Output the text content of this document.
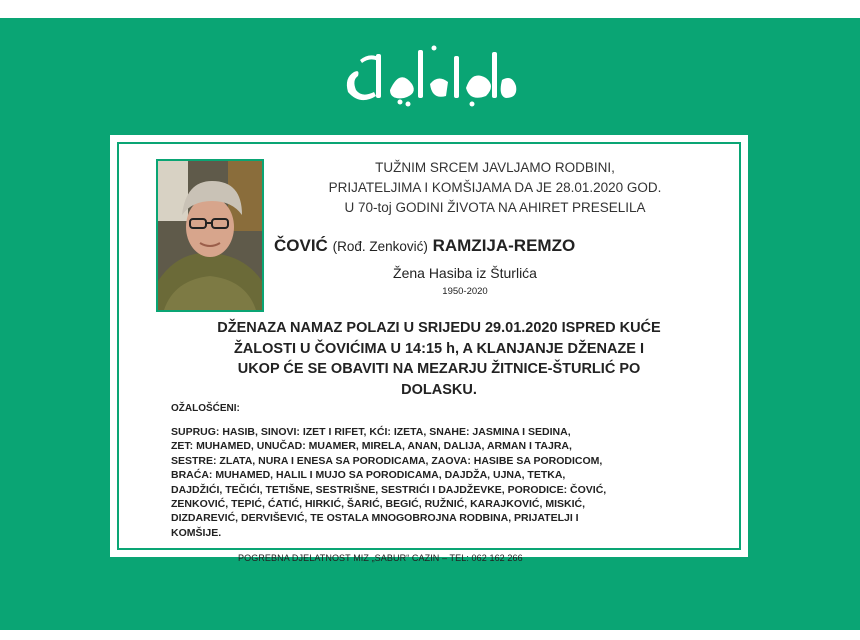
TUŽNIM SRCEM JAVLJAMO RODBINI,
PRIJATELJIMA I KOMŠIJAMA DA JE 28.01.2020 GOD.
U 70-toj GODINI ŽIVOTA NA AHIRET PRESELILA
ČOVIĆ (Rođ. Zenković) RAMZIJA-REMZO
Žena Hasiba iz Šturlića
1950-2020
DŽENAZA NAMAZ POLAZI U SRIJEDU 29.01.2020 ISPRED KUĆE
ŽALOSTI U ČOVIĆIMA U 14:15 h, A KLANJANJE DŽENAZE I
UKOP ĆE SE OBAVITI NA MEZARJU ŽITNICE-ŠTURLIĆ PO
DOLASKU.
OŽALOŠĆENI:
SUPRUG: HASIB, SINOVI: IZET I RIFET, KĆI: IZETA, SNAHE: JASMINA I SEDINA,
ZET: MUHAMED, UNUČAD: MUAMER, MIRELA, ANAN, DALIJA, ARMAN I TAJRA,
SESTRE: ZLATA, NURA I ENESA SA PORODICAMA, ZAOVA: HASIBE SA PORODICOM,
BRAĆA: MUHAMED, HALIL I MUJO SA PORODICAMA, DAJDŽA, UJNA, TETKA,
DAJDŽIĆI, TEČIĆI, TETIŠNE, SESTRIŠNE, SESTRIĆI I DAJDŽEVKE, PORODICE: ČOVIĆ,
ZENKOVIĆ, TEPIĆ, ĆATIĆ, HIRKIĆ, ŠARIĆ, BEGIĆ, RUŽNIĆ, KARAJKOVIĆ, MISKIĆ,
DIZDAREVIĆ, DERVIŠEVIĆ, TE OSTALA MNOGOBROJNA RODBINA, PRIJATELJI I
KOMŠIJE.
POGREBNA DJELATNOST MIZ „SABUR“ CAZIN – TEL: 062 162 266
